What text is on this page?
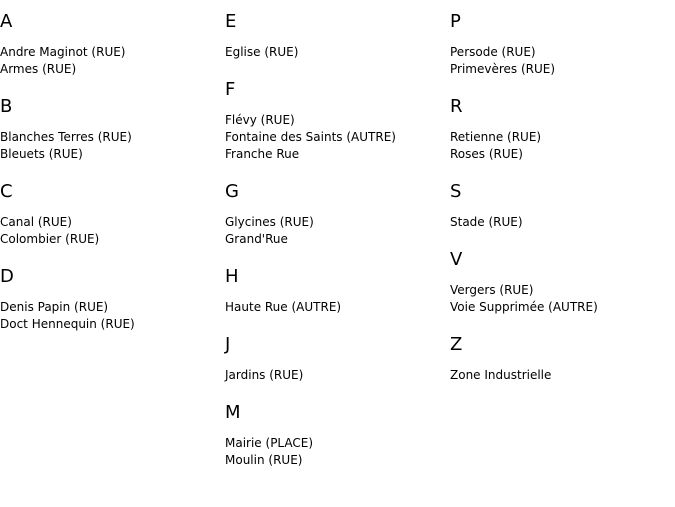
A
Andre Maginot (RUE)
Armes (RUE)
B
Blanches Terres (RUE)
Bleuets (RUE)
C
Canal (RUE)
Colombier (RUE)
D
Denis Papin (RUE)
Doct Hennequin (RUE)
E
Eglise (RUE)
F
Flévy (RUE)
Fontaine des Saints (AUTRE)
Franche Rue
G
Glycines (RUE)
Grand'Rue
H
Haute Rue (AUTRE)
J
Jardins (RUE)
M
Mairie (PLACE)
Moulin (RUE)
P
Persode (RUE)
Primevères (RUE)
R
Retienne (RUE)
Roses (RUE)
S
Stade (RUE)
V
Vergers (RUE)
Voie Supprimée (AUTRE)
Z
Zone Industrielle
